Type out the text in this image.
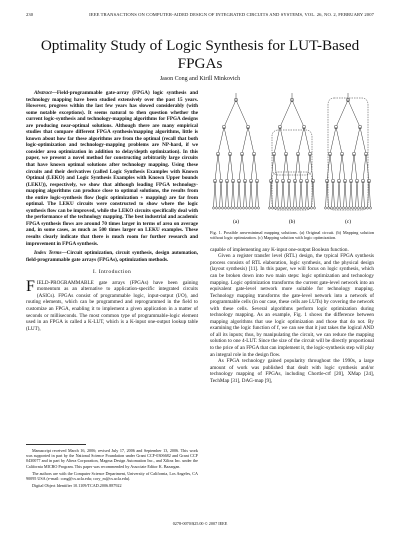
230	IEEE TRANSACTIONS ON COMPUTER-AIDED DESIGN OF INTEGRATED CIRCUITS AND SYSTEMS, VOL. 26, NO. 2, FEBRUARY 2007
Optimality Study of Logic Synthesis for LUT-Based FPGAs
Jason Cong and Kirill Minkovich

Abstract—Field-programmable gate-array (FPGA) logic synthesis and technology mapping have been studied extensively over the past 15 years. However, progress within the last few years has slowed considerably (with some notable exceptions). It seems natural to then question whether the current logic-synthesis and technology-mapping algorithms for FPGA designs are producing near-optimal solutions. Although there are many empirical studies that compare different FPGA synthesis/mapping algorithms, little is known about how far these algorithms are from the optimal (recall that both logic-optimization and technology-mapping problems are NP-hard, if we consider area optimization in addition to delay/depth optimization). In this paper, we present a novel method for constructing arbitrarily large circuits that have known optimal solutions after technology mapping. Using these circuits and their derivatives (called Logic Synthesis Examples with Known Optimal (LEKO) and Logic Synthesis Examples with Known Upper bounds (LEKU)), respectively, we show that although leading FPGA technology-mapping algorithms can produce close to optimal solutions, the results from the entire logic-synthesis flow (logic optimization + mapping) are far from optimal. The LEKU circuits were constructed to show where the logic synthesis flow can be improved, while the LEKO circuits specifically deal with the performance of the technology mapping. The best industrial and academic FPGA synthesis flows are around 70 times larger in terms of area on average and, in some cases, as much as 500 times larger on LEKU examples. These results clearly indicate that there is much room for further research and improvement in FPGA synthesis.

Index Terms—Circuit optimization, circuit synthesis, design automation, field-programmable gate arrays (FPGAs), optimization methods.

I. Introduction

FIELD-PROGRAMMABLE gate arrays (FPGAs) have been gaining momentum as an alternative to application-specific integrated circuits (ASICs). FPGAs consist of programmable logic, input-output (I/O), and routing elements, which can be programmed and reprogrammed in the field to customize an FPGA, enabling it to implement a given application in a matter of seconds or milliseconds. The most common type of programmable-logic element used in an FPGA is called a K-LUT, which is a K-input one-output lookup table (LUT),

Manuscript received March 16, 2006; revised July 17, 2006 and September 13, 2006. This work was supported in part by the National Science Foundation under Grant CCF-0306682 and Grant CCF 0430077 and in part by Altera Corporation, Magma Design Automation Inc., and Xilinx Inc. under the California MICRO Program. This paper was recommended by Associate Editor K. Bazargan.

The authors are with the Computer Science Department, University of California, Los Angeles, CA 90095 USA (e-mail: cong@cs.ucla.edu; cory_m@cs.ucla.edu).

Digital Object Identifier 10.1109/TCAD.2006.887922

(a)	(b)	(c)
Fig. 1. Possible area-minimal mapping solutions. (a) Original circuit. (b) Mapping solution without logic optimization. (c) Mapping solution with logic optimization.

capable of implementing any K-input one-output Boolean function.

Given a register transfer level (RTL) design, the typical FPGA synthesis process consists of RTL elaboration, logic synthesis, and the physical design (layout synthesis) [11]. In this paper, we will focus on logic synthesis, which can be broken down into two main steps: logic optimization and technology mapping. Logic optimization transforms the current gate-level network into an equivalent gate-level network more suitable for technology mapping. Technology mapping transforms the gate-level network into a network of programmable cells (in our case, these cells are LUTs) by covering the network with these cells. Several algorithms perform logic optimization during technology mapping. As an example, Fig. 1 shows the difference between mapping algorithms that use logic optimization and those that do not. By examining the logic function of f, we can see that it just takes the logical AND of all its inputs; thus, by manipulating the circuit, we can reduce the mapping solution to one 4-LUT. Since the size of the circuit will be directly proportional to the price of an FPGA that can implement it, the logic-synthesis step will play an integral role in the design flow.

As FPGA technology gained popularity throughout the 1990s, a large amount of work was published that dealt with logic synthesis and/or technology mapping of FPGAs, including Chortle-crf [20], XMap [24], TechMap [31], DAG-map [9],

0278-0070/$25.00 © 2007 IEEE
